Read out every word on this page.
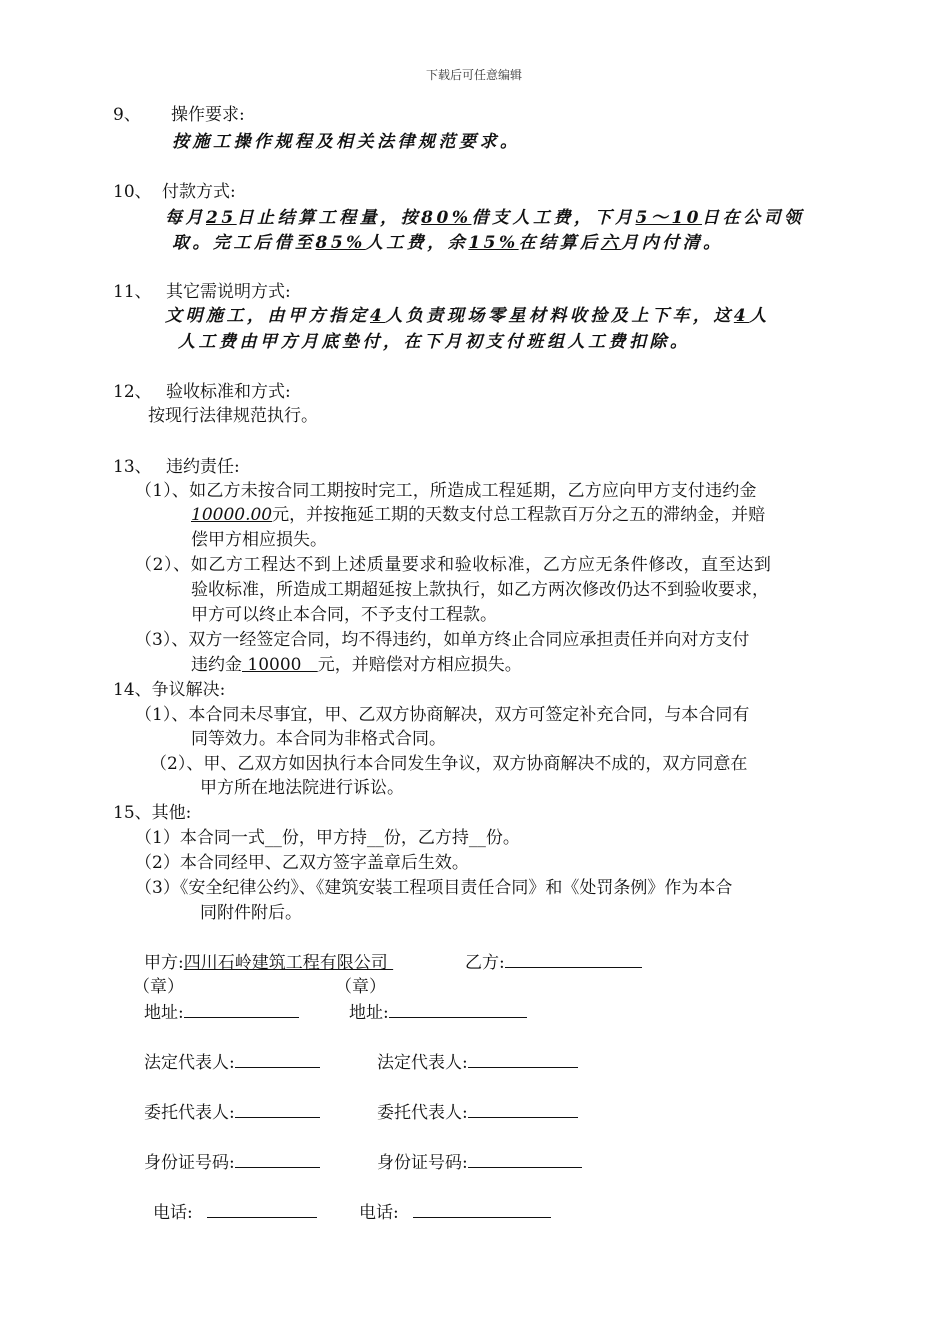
下载后可任意编辑
9、 操作要求:
按施工操作规程及相关法律规范要求。
10、 付款方式:
每月25日止结算工程量，按80%借支人工费，下月5～10日在公司领
取。完工后借至85%人工费，余15%在结算后六月内付清。
11、 其它需说明方式:
文明施工，由甲方指定4人负责现场零星材料收捡及上下车，这4人
人工费由甲方月底垫付，在下月初支付班组人工费扣除。
12、 验收标准和方式:
按现行法律规范执行。
13、 违约责任:
（1）、如乙方未按合同工期按时完工，所造成工程延期，乙方应向甲方支付违约金
10000.00元，并按拖延工期的天数支付总工程款百万分之五的滞纳金，并赔
偿甲方相应损失。
（2）、如乙方工程达不到上述质量要求和验收标准，乙方应无条件修改，直至达到
验收标准，所造成工期超延按上款执行，如乙方两次修改仍达不到验收要求，
甲方可以终止本合同，不予支付工程款。
（3）、双方一经签定合同，均不得违约，如单方终止合同应承担责任并向对方支付
违约金 10000   元，并赔偿对方相应损失。
14、争议解决:
（1）、本合同未尽事宜，甲、乙双方协商解决，双方可签定补充合同，与本合同有
同等效力。本合同为非格式合同。
（2）、甲、乙双方如因执行本合同发生争议，双方协商解决不成的，双方同意在
甲方所在地法院进行诉讼。
15、其他:
（1）本合同一式__份，甲方持__份，乙方持__份。
（2）本合同经甲、乙双方签字盖章后生效。
（3）《安全纪律公约》、《建筑安装工程项目责任合同》和《处罚条例》作为本合
同附件附后。
甲方:四川石岭建筑工程有限公司	乙方:
（章）	（章）
地址:	地址:
法定代表人:	法定代表人:
委托代表人:	委托代表人:
身份证号码:	身份证号码:
电话:	电话:
